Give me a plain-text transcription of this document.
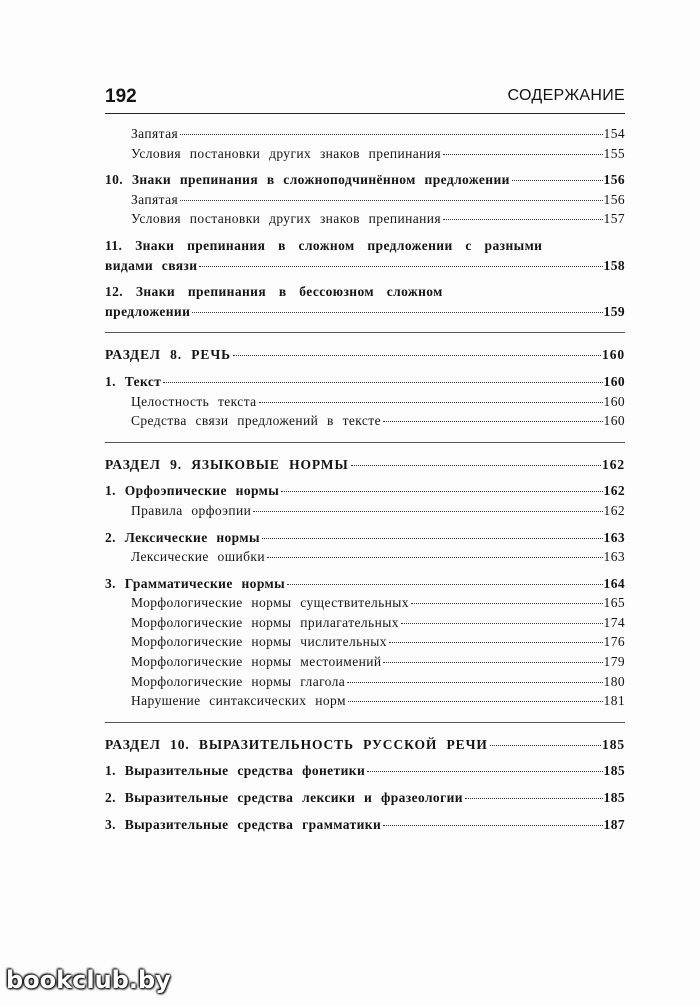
192	СОДЕРЖАНИЕ
Запятая	154
Условия постановки других знаков препинания	155
10. Знаки препинания в сложноподчинённом предложении	156
Запятая	156
Условия постановки других знаков препинания	157
11. Знаки препинания в сложном предложении с разными
видами связи	158
12. Знаки препинания в бессоюзном сложном
предложении	159
РАЗДЕЛ 8. РЕЧЬ	160
1. Текст	160
Целостность текста	160
Средства связи предложений в тексте	160
РАЗДЕЛ 9. ЯЗЫКОВЫЕ НОРМЫ	162
1. Орфоэпические нормы	162
Правила орфоэпии	162
2. Лексические нормы	163
Лексические ошибки	163
3. Грамматические нормы	164
Морфологические нормы существительных	165
Морфологические нормы прилагательных	174
Морфологические нормы числительных	176
Морфологические нормы местоимений	179
Морфологические нормы глагола	180
Нарушение синтаксических норм	181
РАЗДЕЛ 10. ВЫРАЗИТЕЛЬНОСТЬ РУССКОЙ РЕЧИ	185
1. Выразительные средства фонетики	185
2. Выразительные средства лексики и фразеологии	185
3. Выразительные средства грамматики	187
bookclub.by
